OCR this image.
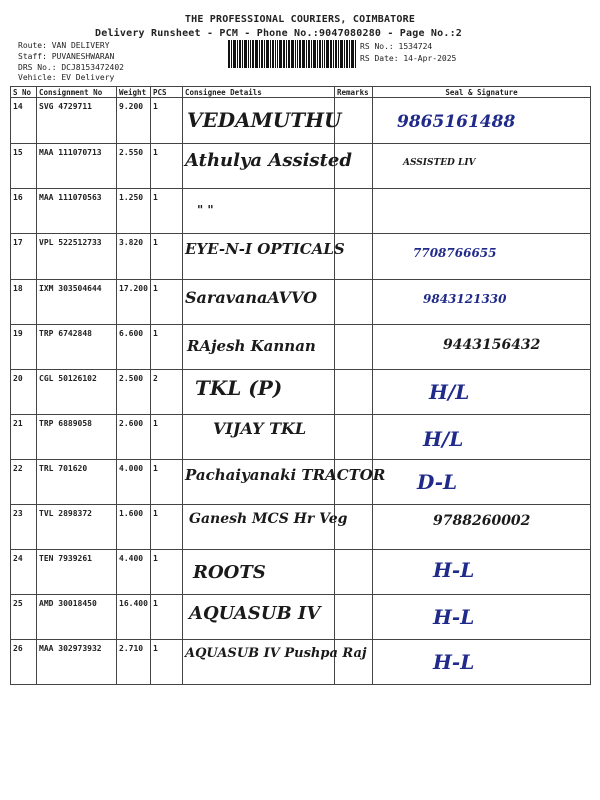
THE PROFESSIONAL COURIERS, COIMBATORE
Delivery Runsheet - PCM - Phone No.:9047080280 - Page No.:2
Route: VAN DELIVERY
Staff: PUVANESHWARAN
DRS No.: DCJ8153472402
Vehicle: EV Delivery
RS No.: 1534724
RS Date: 14-Apr-2025
S No	Consignment No	Weight	PCS	Consignee Details	Remarks	Seal & Signature
14	SVG 4729711	9.200	1	VEDAMUTHU		9865161488

15	MAA 111070713	2.550	1	Athulya Assisted		ASSISTED LIV

16	MAA 111070563	1.250	1	" "		

17	VPL 522512733	3.820	1	EYE-N-I OPTICALS		7708766655

18	IXM 303504644	17.200	1	SaravanaAVVO		9843121330

19	TRP 6742848	6.600	1	RAjesh Kannan		9443156432

20	CGL 50126102	2.500	2	TKL (P)		H/L

21	TRP 6889058	2.600	1	VIJAY TKL		H/L

22	TRL 701620	4.000	1	Pachaiyanaki TRACTOR		D-L

23	TVL 2898372	1.600	1	Ganesh MCS Hr Veg		9788260002

24	TEN 7939261	4.400	1	ROOTS		H-L

25	AMD 30018450	16.400	1	AQUASUB IV		H-L

26	MAA 302973932	2.710	1	AQUASUB IV Pushpa Raj		H-L
